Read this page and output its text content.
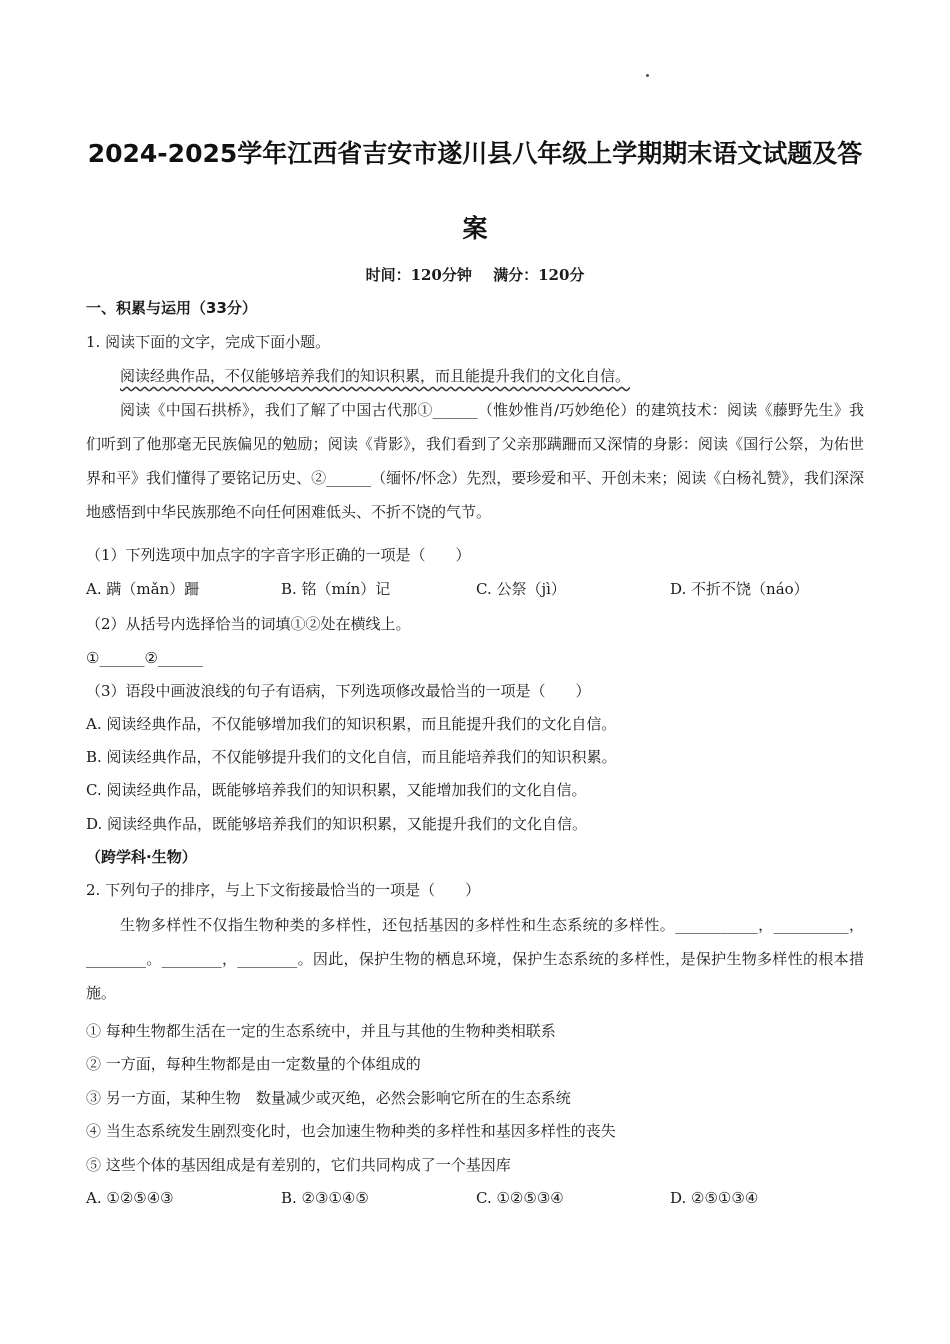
2024-2025学年江西省吉安市遂川县八年级上学期期末语文试题及答
案
时间：120分钟 满分：120分
一、积累与运用（33分）
1. 阅读下面的文字，完成下面小题。
阅读经典作品，不仅能够培养我们的知识积累，而且能提升我们的文化自信。
阅读《中国石拱桥》，我们了解了中国古代那①______（惟妙惟肖/巧妙绝伦）的建筑技术：阅读《藤野先生》我们听到了他那毫无民族偏见的勉励；阅读《背影》，我们看到了父亲那蹒跚而又深情的身影：阅读《国行公祭，为佑世界和平》我们懂得了要铭记历史、②______（缅怀/怀念）先烈，要珍爱和平、开创未来；阅读《白杨礼赞》，我们深深地感悟到中华民族那绝不向任何困难低头、不折不饶的气节。
（1）下列选项中加点字的字音字形正确的一项是（　　）
A. 蹒（mǎn）跚	B. 铭（mín）记	C. 公祭（jì）	D. 不折不饶（náo）
（2）从括号内选择恰当的词填①②处在横线上。
①______②______
（3）语段中画波浪线的句子有语病，下列选项修改最恰当的一项是（　　）
A. 阅读经典作品，不仅能够增加我们的知识积累，而且能提升我们的文化自信。
B. 阅读经典作品，不仅能够提升我们的文化自信，而且能培养我们的知识积累。
C. 阅读经典作品，既能够培养我们的知识积累，又能增加我们的文化自信。
D. 阅读经典作品，既能够培养我们的知识积累，又能提升我们的文化自信。
（跨学科·生物）
2. 下列句子的排序，与上下文衔接最恰当的一项是（　　）
生物多样性不仅指生物种类的多样性，还包括基因的多样性和生态系统的多样性。___________，__________，________。________，________。因此，保护生物的栖息环境，保护生态系统的多样性，是保护生物多样性的根本措施。
① 每种生物都生活在一定的生态系统中，并且与其他的生物种类相联系
② 一方面，每种生物都是由一定数量的个体组成的
③ 另一方面，某种生物　数量减少或灭绝，必然会影响它所在的生态系统
④ 当生态系统发生剧烈变化时，也会加速生物种类的多样性和基因多样性的丧失
⑤ 这些个体的基因组成是有差别的，它们共同构成了一个基因库
A. ①②⑤④③	B. ②③①④⑤	C. ①②⑤③④	D. ②⑤①③④
